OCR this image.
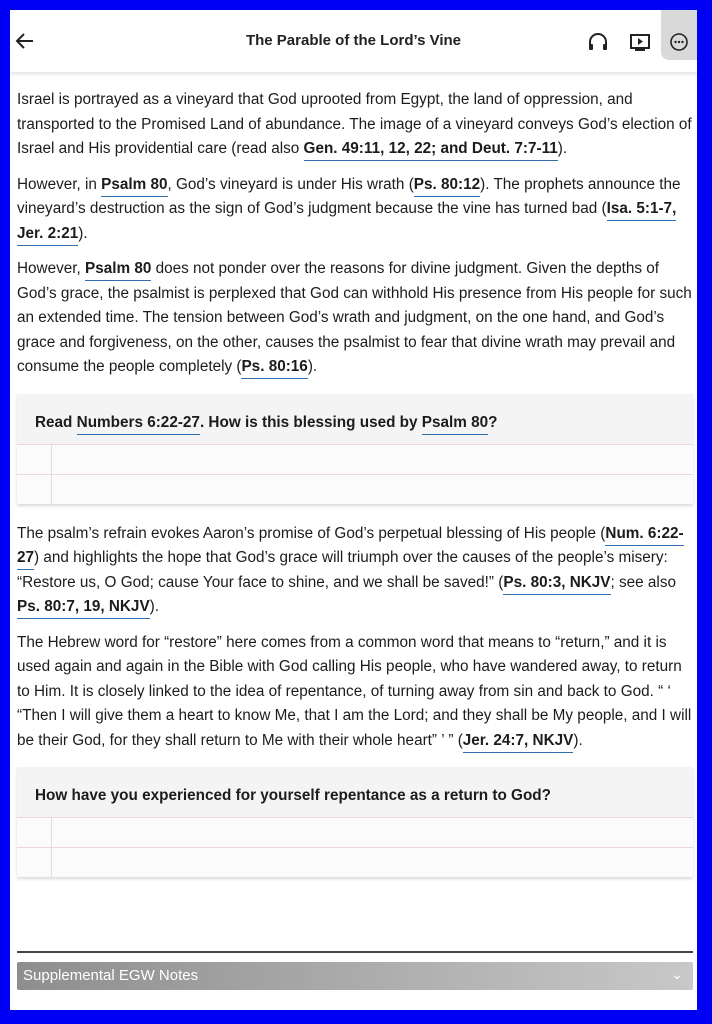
The Parable of the Lord’s Vine

Israel is portrayed as a vineyard that God uprooted from Egypt, the land of oppression, and transported to the Promised Land of abundance. The image of a vineyard conveys God’s election of Israel and His providential care (read also Gen. 49:11, 12, 22; and Deut. 7:7-11).

However, in Psalm 80, God’s vineyard is under His wrath (Ps. 80:12). The prophets announce the vineyard’s destruction as the sign of God’s judgment because the vine has turned bad (Isa. 5:1-7, Jer. 2:21).

However, Psalm 80 does not ponder over the reasons for divine judgment. Given the depths of God’s grace, the psalmist is perplexed that God can withhold His presence from His people for such an extended time. The tension between God’s wrath and judgment, on the one hand, and God’s grace and forgiveness, on the other, causes the psalmist to fear that divine wrath may prevail and consume the people completely (Ps. 80:16).

Read Numbers 6:22-27. How is this blessing used by Psalm 80?

The psalm’s refrain evokes Aaron’s promise of God’s perpetual blessing of His people (Num. 6:22-27) and highlights the hope that God’s grace will triumph over the causes of the people’s misery: “Restore us, O God; cause Your face to shine, and we shall be saved!” (Ps. 80:3, NKJV; see also Ps. 80:7, 19, NKJV).

The Hebrew word for “restore” here comes from a common word that means to “return,” and it is used again and again in the Bible with God calling His people, who have wandered away, to return to Him. It is closely linked to the idea of repentance, of turning away from sin and back to God. “ ‘ “Then I will give them a heart to know Me, that I am the Lord; and they shall be My people, and I will be their God, for they shall return to Me with their whole heart” ’ ” (Jer. 24:7, NKJV).

How have you experienced for yourself repentance as a return to God?
Supplemental EGW Notes	⌄
